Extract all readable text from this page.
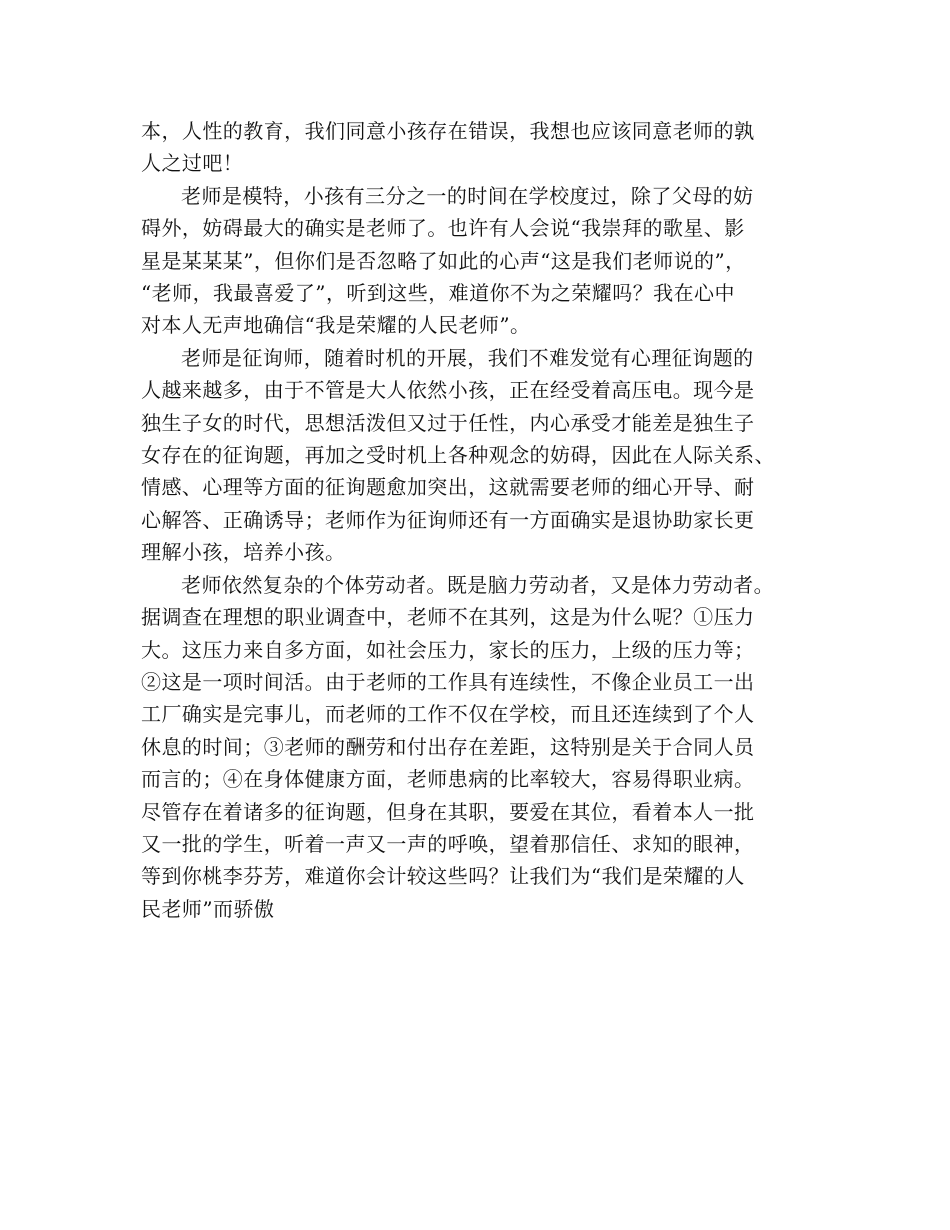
本，人性的教育，我们同意小孩存在错误，我想也应该同意老师的孰
人之过吧！

老师是模特，小孩有三分之一的时间在学校度过，除了父母的妨
碍外，妨碍最大的确实是老师了。也许有人会说“我崇拜的歌星、影
星是某某某”，但你们是否忽略了如此的心声“这是我们老师说的”，
“老师，我最喜爱了”，听到这些，难道你不为之荣耀吗？我在心中
对本人无声地确信“我是荣耀的人民老师”。

老师是征询师，随着时机的开展，我们不难发觉有心理征询题的
人越来越多，由于不管是大人依然小孩，正在经受着高压电。现今是
独生子女的时代，思想活泼但又过于任性，内心承受才能差是独生子
女存在的征询题，再加之受时机上各种观念的妨碍，因此在人际关系、
情感、心理等方面的征询题愈加突出，这就需要老师的细心开导、耐
心解答、正确诱导；老师作为征询师还有一方面确实是退协助家长更
理解小孩，培养小孩。

老师依然复杂的个体劳动者。既是脑力劳动者，又是体力劳动者。
据调查在理想的职业调查中，老师不在其列，这是为什么呢？①压力
大。这压力来自多方面，如社会压力，家长的压力，上级的压力等；
②这是一项时间活。由于老师的工作具有连续性，不像企业员工一出
工厂确实是完事儿，而老师的工作不仅在学校，而且还连续到了个人
休息的时间；③老师的酬劳和付出存在差距，这特别是关于合同人员
而言的；④在身体健康方面，老师患病的比率较大，容易得职业病。
尽管存在着诸多的征询题，但身在其职，要爱在其位，看着本人一批
又一批的学生，听着一声又一声的呼唤，望着那信任、求知的眼神，
等到你桃李芬芳，难道你会计较这些吗？让我们为“我们是荣耀的人
民老师”而骄傲
